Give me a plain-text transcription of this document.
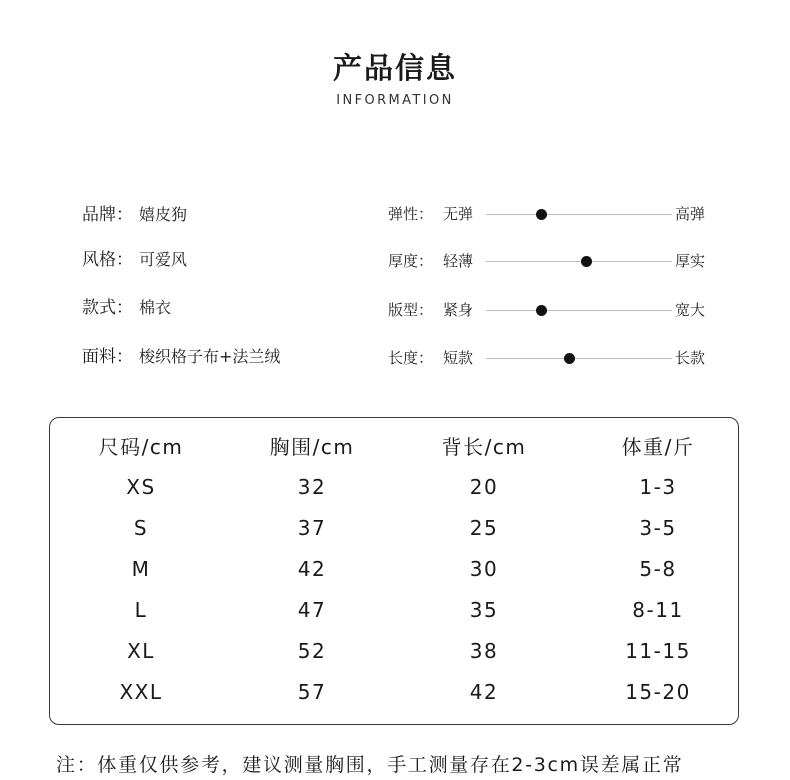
产品信息
INFORMATION
品牌： 嬉皮狗
风格： 可爱风
款式： 棉衣
面料： 梭织格子布+法兰绒
弹性： 无弹	高弹
厚度： 轻薄	厚实
版型： 紧身	宽大
长度： 短款	长款
尺码/cm	胸围/cm	背长/cm	体重/斤
XS	32	20	1-3
S	37	25	3-5
M	42	30	5-8
L	47	35	8-11
XL	52	38	11-15
XXL	57	42	15-20
注：体重仅供参考，建议测量胸围，手工测量存在2-3cm误差属正常
